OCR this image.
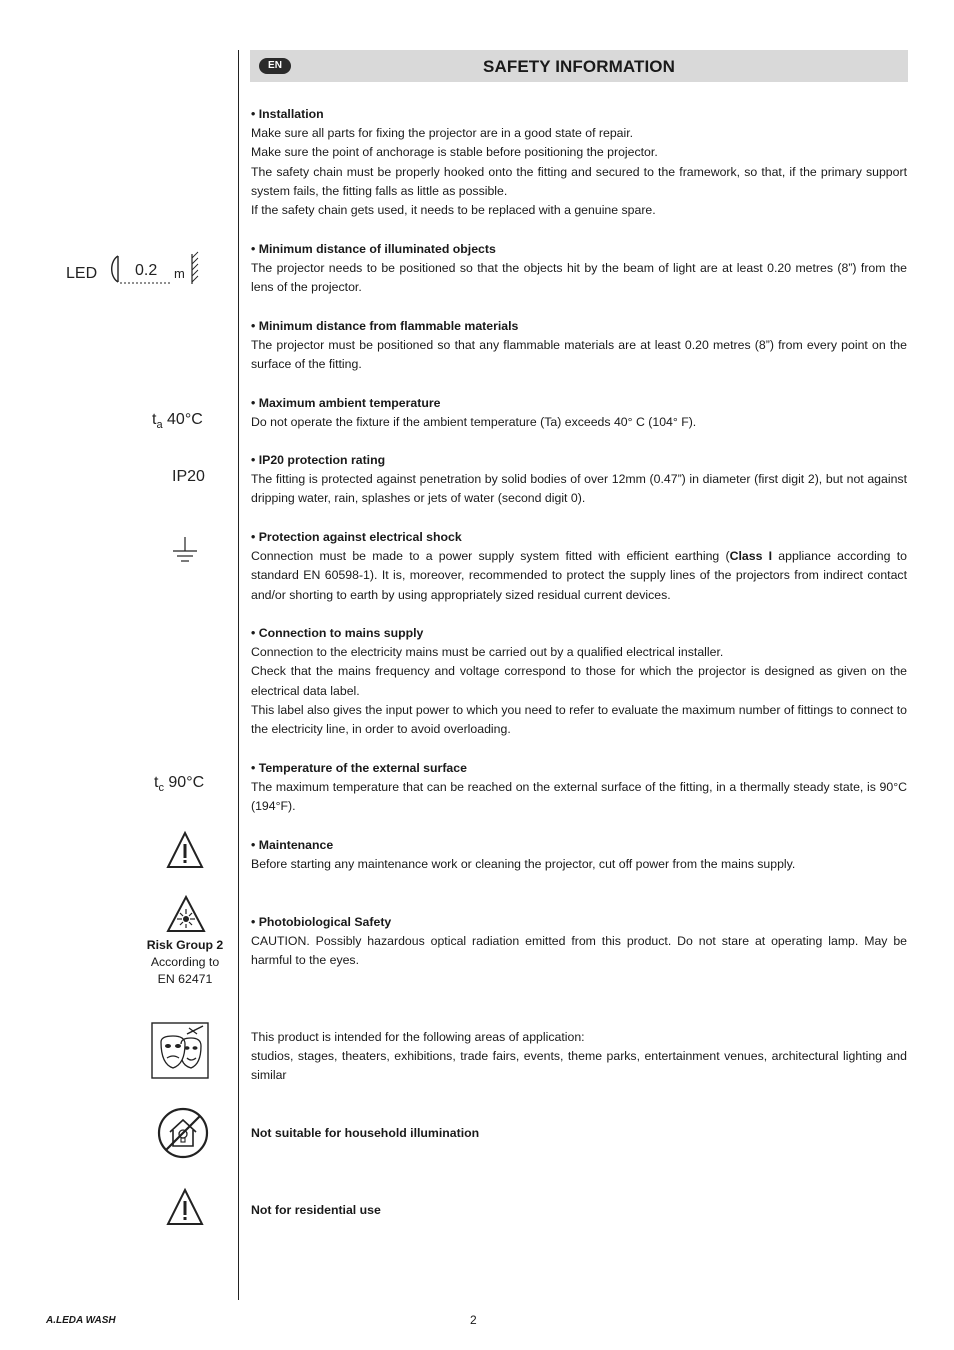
EN	SAFETY INFORMATION
• Installation

Make sure all parts for fixing the projector are in a good state of repair.

Make sure the point of anchorage is stable before positioning the projector.

The safety chain must be properly hooked onto the fitting and secured to the framework, so that, if the primary support system fails, the fitting falls as little as possible.

If the safety chain gets used, it needs to be replaced with a genuine spare.

• Minimum distance of illuminated objects

The projector needs to be positioned so that the objects hit by the beam of light are at least 0.20 metres (8”) from the lens of the projector.

• Minimum distance from flammable materials

The projector must be positioned so that any flammable materials are at least 0.20 metres (8”) from every point on the surface of the fitting.

• Maximum ambient temperature

Do not operate the fixture if the ambient temperature (Ta) exceeds 40° C (104° F).

• IP20 protection rating

The fitting is protected against penetration by solid bodies of over 12mm (0.47”) in diameter (first digit 2), but not against dripping water, rain, splashes or jets of water (second digit 0).

• Protection against electrical shock

Connection must be made to a power supply system fitted with efficient earthing (Class I appliance according to standard EN 60598-1). It is, moreover, recommended to protect the supply lines of the projectors from indirect contact and/or shorting to earth by using appropriately sized residual current devices.

• Connection to mains supply

Connection to the electricity mains must be carried out by a qualified electrical installer.

Check that the mains frequency and voltage correspond to those for which the projector is designed as given on the electrical data label.

This label also gives the input power to which you need to refer to evaluate the maximum number of fittings to connect to the electricity line, in order to avoid overloading.

• Temperature of the external surface

The maximum temperature that can be reached on the external surface of the fitting, in a thermally steady state, is 90°C (194°F).

• Maintenance

Before starting any maintenance work or cleaning the projector, cut off power from the mains supply.

• Photobiological Safety

CAUTION. Possibly hazardous optical radiation emitted from this product. Do not stare at operating lamp. May be harmful to the eyes.

This product is intended for the following areas of application:

studios, stages, theaters, exhibitions, trade fairs, events, theme parks, entertainment venues, architectural lighting and similar

Not suitable for household illumination
Not for residential use
LED 0.2 m
$t_a$ 40°C
IP20
$t_c$ 90°C
Risk Group 2
According to
EN 62471
A.LEDA WASH	2
